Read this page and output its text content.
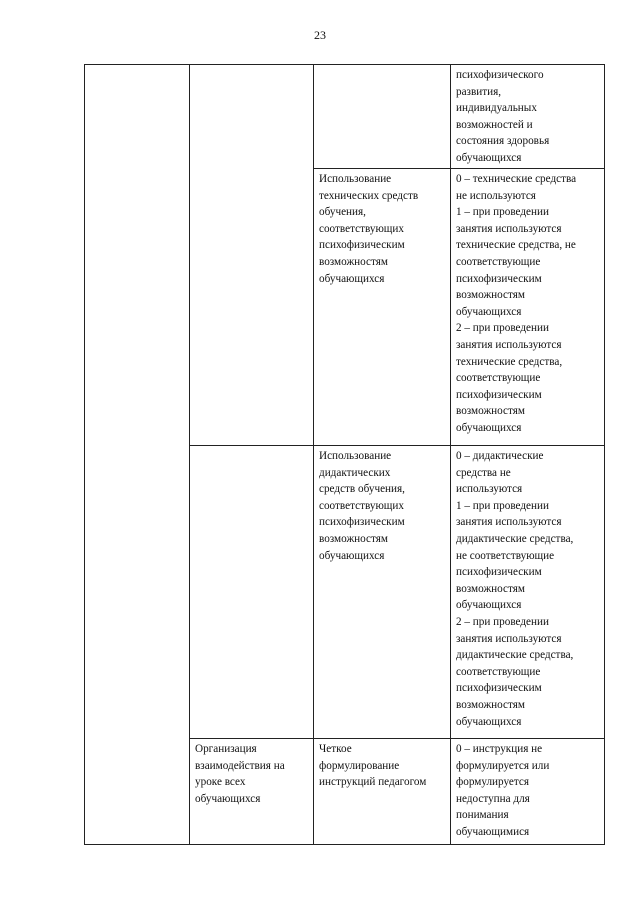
23
психофизического
развития,
индивидуальных
возможностей и
состояния здоровья
обучающихся
Использование
технических средств
обучения,
соответствующих
психофизическим
возможностям
обучающихся
0 – технические средства
не используются
1 – при проведении
занятия используются
технические средства, не
соответствующие
психофизическим
возможностям
обучающихся
2 – при проведении
занятия используются
технические средства,
соответствующие
психофизическим
возможностям
обучающихся
Использование
дидактических
средств обучения,
соответствующих
психофизическим
возможностям
обучающихся
0 – дидактические
средства не
используются
1 – при проведении
занятия используются
дидактические средства,
не соответствующие
психофизическим
возможностям
обучающихся
2 – при проведении
занятия используются
дидактические средства,
соответствующие
психофизическим
возможностям
обучающихся
Организация
взаимодействия на
уроке всех
обучающихся
Четкое
формулирование
инструкций педагогом
0 – инструкция не
формулируется или
формулируется
недоступна для
понимания
обучающимися
